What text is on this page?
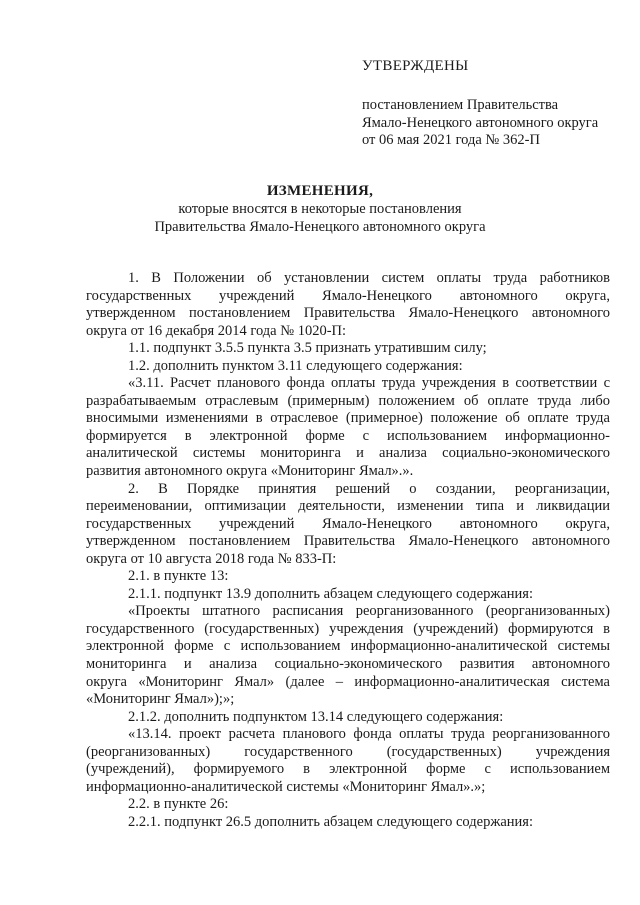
УТВЕРЖДЕНЫ
постановлением Правительства
Ямало-Ненецкого автономного округа
от 06 мая 2021 года № 362-П
ИЗМЕНЕНИЯ,
которые вносятся в некоторые постановления
Правительства Ямало-Ненецкого автономного округа
1. В Положении об установлении систем оплаты труда работников
государственных учреждений Ямало-Ненецкого автономного округа,
утвержденном постановлением Правительства Ямало-Ненецкого автономного
округа от 16 декабря 2014 года № 1020-П:
1.1. подпункт 3.5.5 пункта 3.5 признать утратившим силу;
1.2. дополнить пунктом 3.11 следующего содержания:
«3.11. Расчет планового фонда оплаты труда учреждения в соответствии с
разрабатываемым отраслевым (примерным) положением об оплате труда либо
вносимыми изменениями в отраслевое (примерное) положение об оплате труда
формируется в электронной форме с использованием информационно-
аналитической системы мониторинга и анализа социально-экономического
развития автономного округа «Мониторинг Ямал».».
2. В Порядке принятия решений о создании, реорганизации,
переименовании, оптимизации деятельности, изменении типа и ликвидации
государственных учреждений Ямало-Ненецкого автономного округа,
утвержденном постановлением Правительства Ямало-Ненецкого автономного
округа от 10 августа 2018 года № 833-П:
2.1. в пункте 13:
2.1.1. подпункт 13.9 дополнить абзацем следующего содержания:
«Проекты штатного расписания реорганизованного (реорганизованных)
государственного (государственных) учреждения (учреждений) формируются в
электронной форме с использованием информационно-аналитической системы
мониторинга и анализа социально-экономического развития автономного
округа «Мониторинг Ямал» (далее – информационно-аналитическая система
«Мониторинг Ямал»);»;
2.1.2. дополнить подпунктом 13.14 следующего содержания:
«13.14. проект расчета планового фонда оплаты труда реорганизованного
(реорганизованных) государственного (государственных) учреждения
(учреждений), формируемого в электронной форме с использованием
информационно-аналитической системы «Мониторинг Ямал».»;
2.2. в пункте 26:
2.2.1. подпункт 26.5 дополнить абзацем следующего содержания:
